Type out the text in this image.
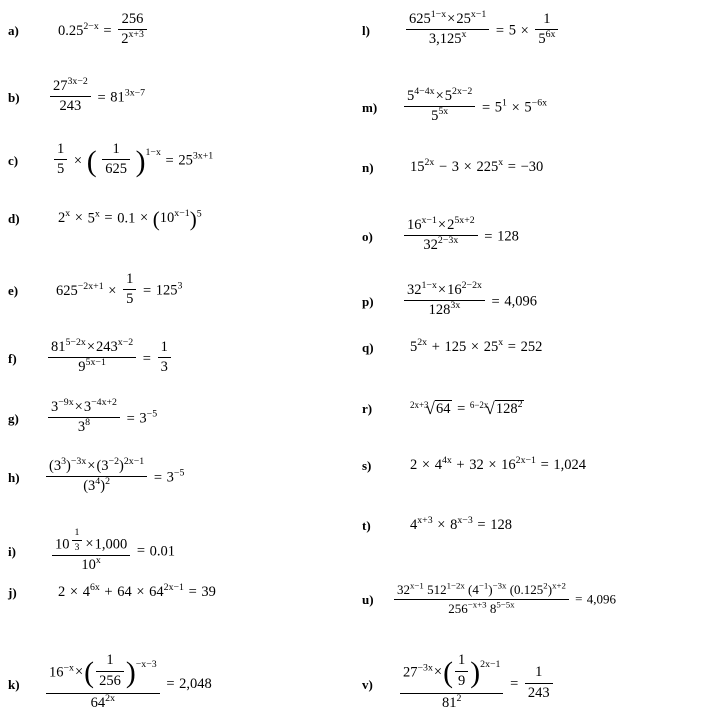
a)	$0.25^{2-x} = \frac{256}{2^{x+3}}$
b)	$\frac{27^{3x-2}}{243} = 81^{3x-7}$
c)	$\frac{1}{5}$ × ( $\frac{1}{625} )1-x = 25^{3x+1}$
d)	$2^x \times 5^x = 0.1 \times (10^{x-1})^5$
e)	$625^{-2x+1} \times \frac{1}{5} = 125^3$
f)	$\frac{81^{5-2x}\times 243^{x-2}}{9^{5x-1}} = \frac{1}{3}$
g)	$\frac{3^{-9x}\times 3^{-4x+2}}{3^8} = 3^{-5}$
h)	$\frac{(3^3)^{-3x}\times(3^{-2})^{2x-1}}{(3^4)^2} = 3^{-5}$
i)	10 $^{\frac{1}{3}}$ ×1,000
$10^x = 0.01$
j)	$2 \times 4^{6x} + 64 \times 64^{2x-1} = 39$
k)	$\frac{16^{-x}\times( \frac{1}{256} )-x-3}{64^{2x}} = 2,048$
l)	$\frac{625^{1-x}\times 25^{x-1}}{3,125^x} = 5 \times \frac{1}{5^{6x}}$
m)	$\frac{5^{4-4x}\times 5^{2x-2}}{5^{5x}} = 5^1 \times 5^{-6x}$
n)	$15^{2x} - 3 \times 225^x = -30$
o)	$\frac{16^{x-1}\times 2^{5x+2}}{32^{2-3x}} = 128$
p)	$\frac{32^{1-x}\times 16^{2-2x}}{128^{3x}} = 4,096$
q)	$5^{2x} + 125 \times 25^x = 252$
r)	$^{2x+3}√64 = ^{6-2x}√128^2$
s)	$2 \times 4^{4x} + 32 \times 16^{2x-1} = 1,024$
t)	$4^{x+3} \times 8^{x-3} = 128$
u)	$\frac{32^{x-1} 512^{1-2x} (4^{-1})^{-3x} (0.125^2)^{x+2}}{256^{-x+3} 8^{5-5x}} = 4,096$
v)	$\frac{27^{-3x}\times( \frac{1}{9} )2x-1}{81^2} = \frac{1}{243}$
